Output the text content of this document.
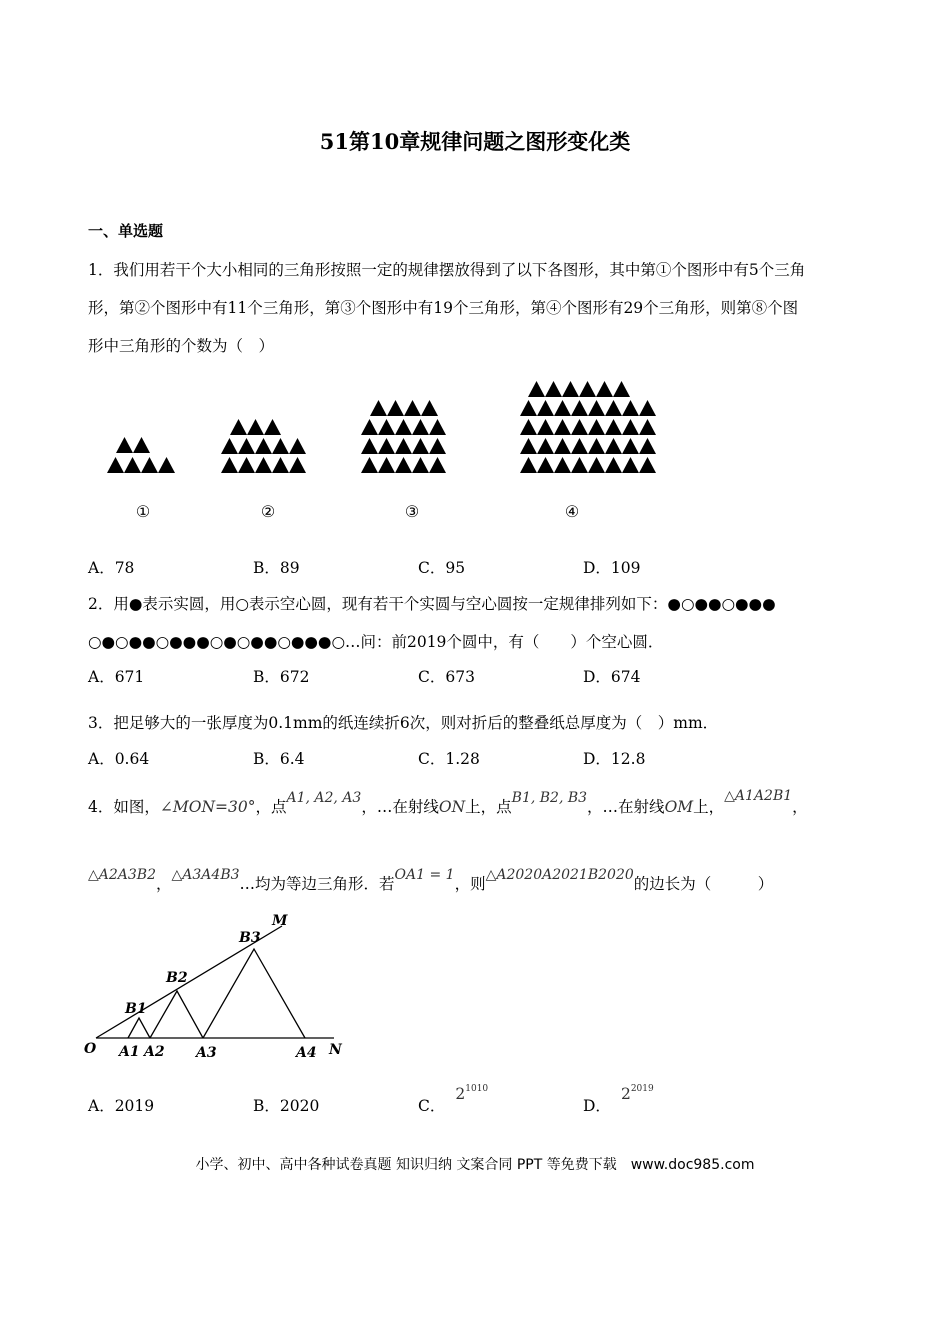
51第10章规律问题之图形变化类
一、单选题
1．我们用若干个大小相同的三角形按照一定的规律摆放得到了以下各图形，其中第①个图形中有5个三角
形，第②个图形中有11个三角形，第③个图形中有19个三角形，第④个图形有29个三角形，则第⑧个图
形中三角形的个数为（　）
①	②	③	④
A．78	B．89	C．95	D．109
2．用●表示实圆，用○表示空心圆，现有若干个实圆与空心圆按一定规律排列如下：●○●●○●●●
○●○●●○●●●○●○●●○●●●○…问：前2019个圆中，有（　　）个空心圆．
A．671	B．672	C．673	D．674
3．把足够大的一张厚度为0.1mm的纸连续折6次，则对折后的整叠纸总厚度为（　）mm．
A．0.64	B．6.4	C．1.28	D．12.8
4．如图，∠MON=30°，点A1, A2, A3，…在射线ON上，点B1, B2, B3，…在射线OM上，△A1A2B1，
△A2A3B2，△A3A4B3…均为等边三角形．若OA1 = 1，则△A2020A2021B2020的边长为（　　　）
M
B3
B2
B1
O A1 A2 A3	A4 N
A．2019	B．2020	C．$2^{1010}$
D．$2^{2019}$
小学、初中、高中各种试卷真题 知识归纳 文案合同 PPT 等免费下载　www.doc985.com
